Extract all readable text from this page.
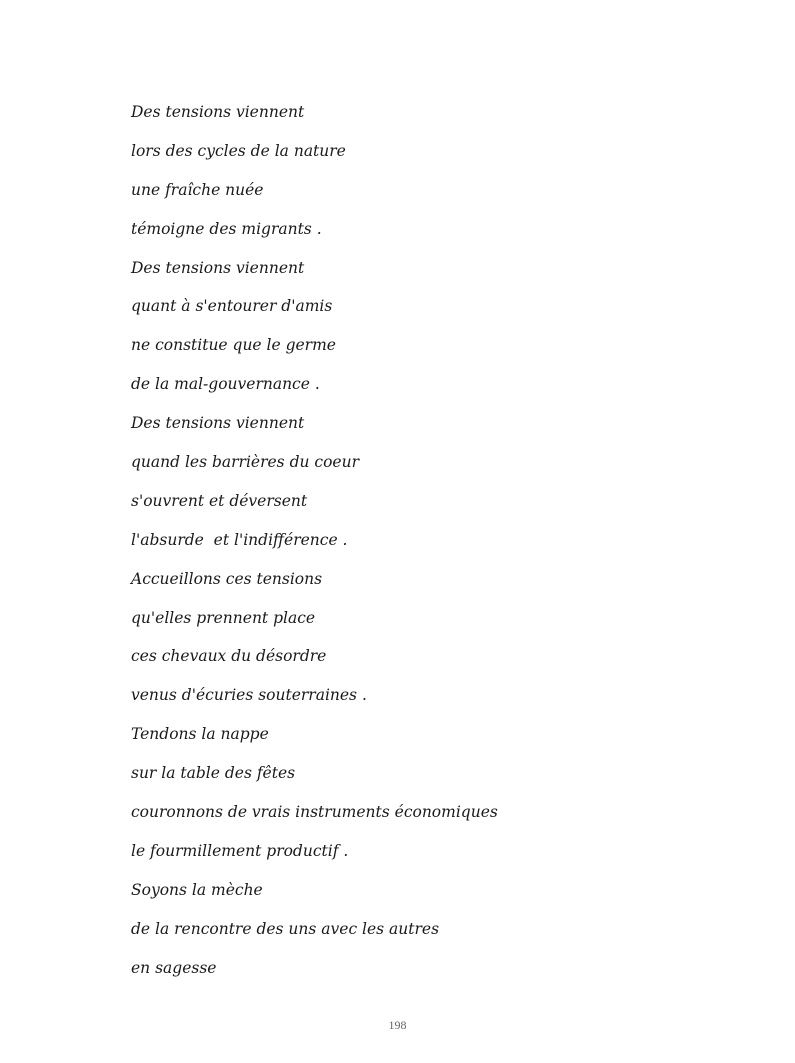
Des tensions viennent
lors des cycles de la nature
une fraîche nuée
témoigne des migrants .
Des tensions viennent
quant à s'entourer d'amis
ne constitue que le germe
de la mal-gouvernance .
Des tensions viennent
quand les barrières du coeur
s'ouvrent et déversent
l'absurde  et l'indifférence .
Accueillons ces tensions
qu'elles prennent place
ces chevaux du désordre
venus d'écuries souterraines .
Tendons la nappe
sur la table des fêtes
couronnons de vrais instruments économiques
le fourmillement productif .
Soyons la mèche
de la rencontre des uns avec les autres
en sagesse
198
